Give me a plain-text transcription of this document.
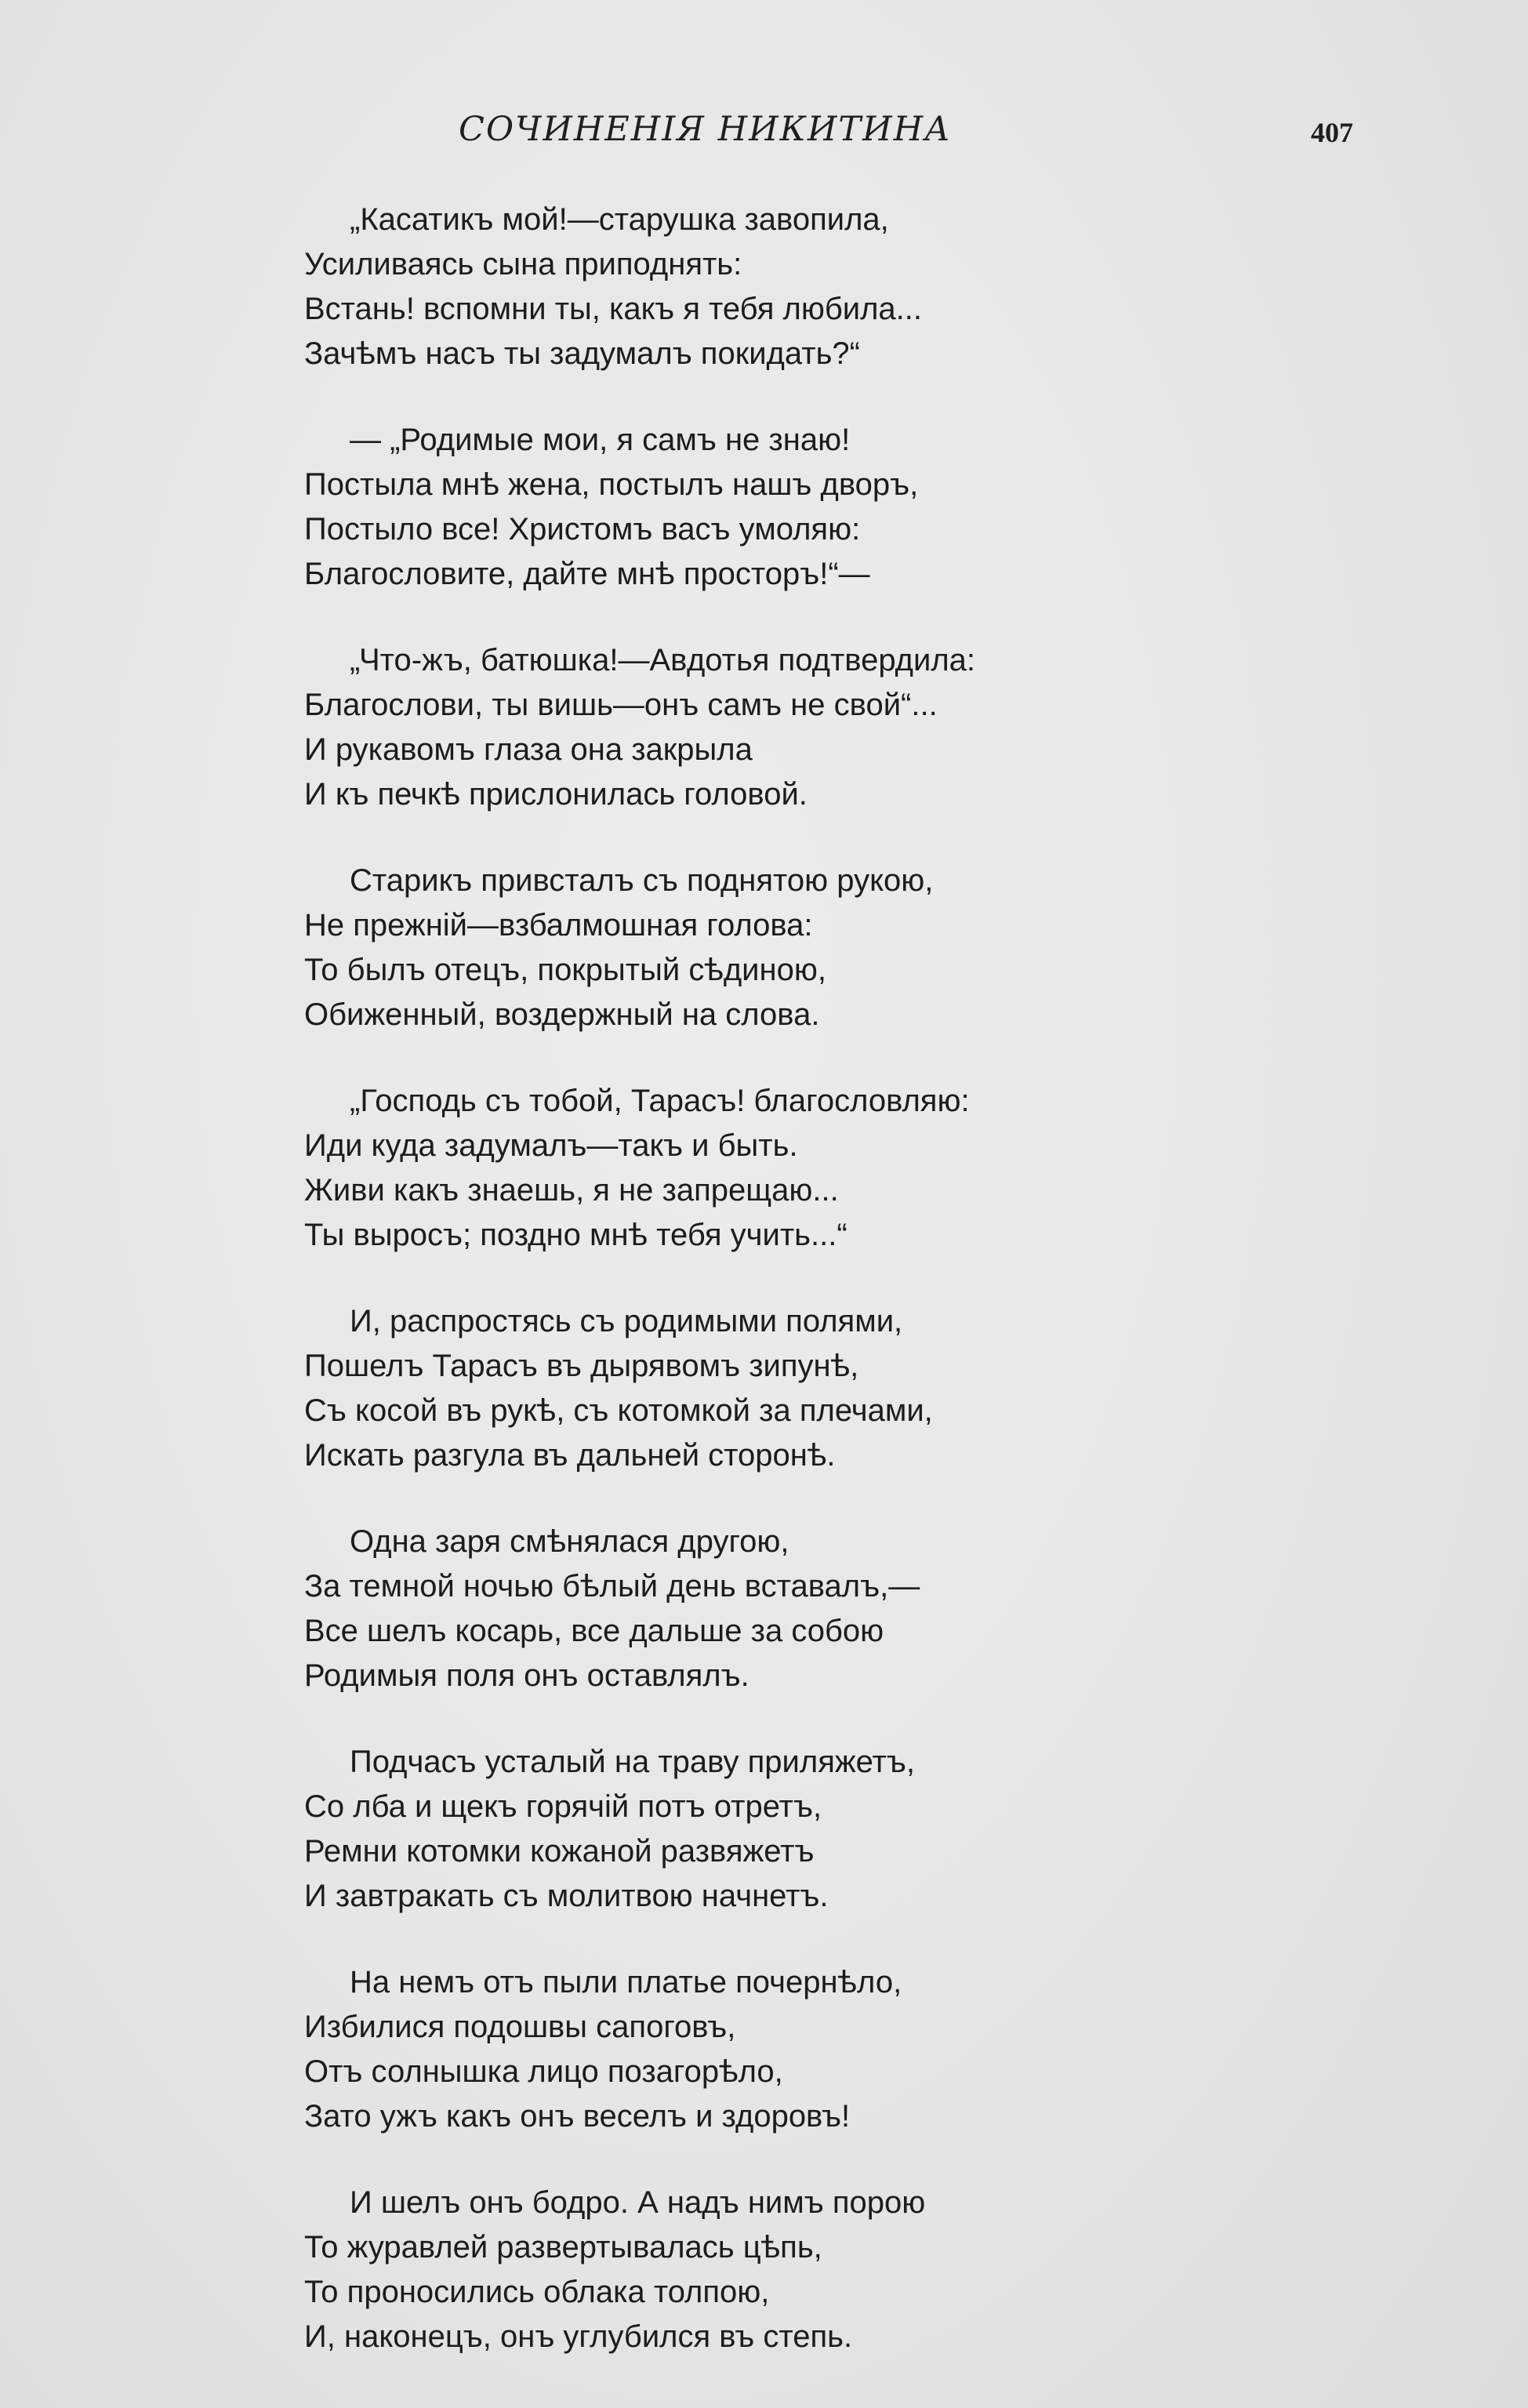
СОЧИНЕНІЯ НИКИТИНА	407
„Касатикъ мой!—старушка завопила,
Усиливаясь сына приподнять:
Встань! вспомни ты, какъ я тебя любила...
Зачѣмъ насъ ты задумалъ покидать?“
— „Родимые мои, я самъ не знаю!
Постыла мнѣ жена, постылъ нашъ дворъ,
Постыло все! Христомъ васъ умоляю:
Благословите, дайте мнѣ просторъ!“—
„Что-жъ, батюшка!—Авдотья подтвердила:
Благослови, ты вишь—онъ самъ не свой“...
И рукавомъ глаза она закрыла
И къ печкѣ прислонилась головой.
Старикъ привсталъ съ поднятою рукою,
Не прежній—взбалмошная голова:
То былъ отецъ, покрытый сѣдиною,
Обиженный, воздержный на слова.
„Господь съ тобой, Тарасъ! благословляю:
Иди куда задумалъ—такъ и быть.
Живи какъ знаешь, я не запрещаю...
Ты выросъ; поздно мнѣ тебя учить...“
И, распростясь съ родимыми полями,
Пошелъ Тарасъ въ дырявомъ зипунѣ,
Съ косой въ рукѣ, съ котомкой за плечами,
Искать разгула въ дальней сторонѣ.
Одна заря смѣнялася другою,
За темной ночью бѣлый день вставалъ,—
Все шелъ косарь, все дальше за собою
Родимыя поля онъ оставлялъ.
Подчасъ усталый на траву приляжетъ,
Со лба и щекъ горячій потъ отретъ,
Ремни котомки кожаной развяжетъ
И завтракать съ молитвою начнетъ.
На немъ отъ пыли платье почернѣло,
Избилися подошвы сапоговъ,
Отъ солнышка лицо позагорѣло,
Зато ужъ какъ онъ веселъ и здоровъ!
И шелъ онъ бодро. А надъ нимъ порою
То журавлей развертывалась цѣпь,
То проносились облака толпою,
И, наконецъ, онъ углубился въ степь.
